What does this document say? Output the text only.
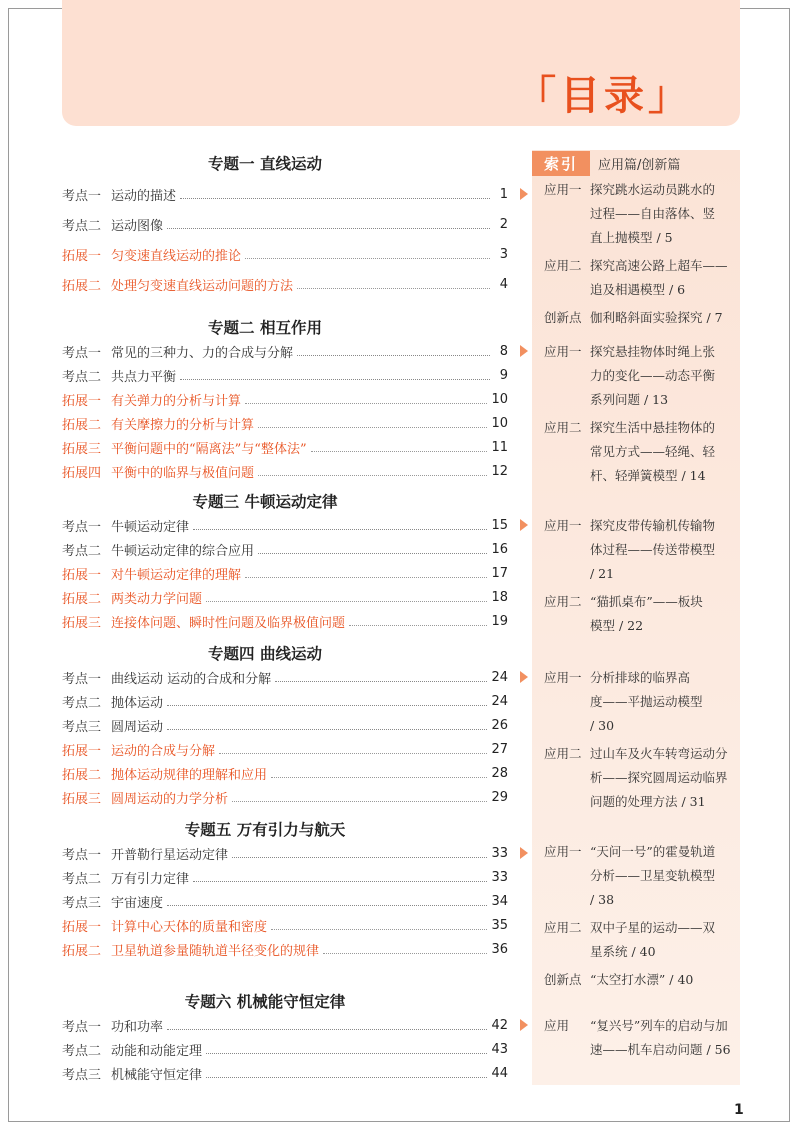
「目录」
索引	应用篇/创新篇
专题一 直线运动
考点一 运动的描述	1
考点二 运动图像	2
拓展一 匀变速直线运动的推论	3
拓展二 处理匀变速直线运动问题的方法	4
应用一 探究跳水运动员跳水的
过程——自由落体、竖
直上抛模型 / 5
应用二 探究高速公路上超车——
追及相遇模型 / 6
创新点 伽利略斜面实验探究 / 7
专题二 相互作用
考点一 常见的三种力、力的合成与分解	8
考点二 共点力平衡	9
拓展一 有关弹力的分析与计算	10
拓展二 有关摩擦力的分析与计算	10
拓展三 平衡问题中的“隔离法”与“整体法”	11
拓展四 平衡中的临界与极值问题	12
应用一 探究悬挂物体时绳上张
力的变化——动态平衡
系列问题 / 13
应用二 探究生活中悬挂物体的
常见方式——轻绳、轻
杆、轻弹簧模型 / 14
专题三 牛顿运动定律
考点一 牛顿运动定律	15
考点二 牛顿运动定律的综合应用	16
拓展一 对牛顿运动定律的理解	17
拓展二 两类动力学问题	18
拓展三 连接体问题、瞬时性问题及临界极值问题	19
应用一 探究皮带传输机传输物
体过程——传送带模型
/ 21
应用二 “猫抓桌布”——板块
模型 / 22
专题四 曲线运动
考点一 曲线运动 运动的合成和分解	24
考点二 抛体运动	24
考点三 圆周运动	26
拓展一 运动的合成与分解	27
拓展二 抛体运动规律的理解和应用	28
拓展三 圆周运动的力学分析	29
应用一 分析排球的临界高
度——平抛运动模型
/ 30
应用二 过山车及火车转弯运动分
析——探究圆周运动临界
问题的处理方法 / 31
专题五 万有引力与航天
考点一 开普勒行星运动定律	33
考点二 万有引力定律	33
考点三 宇宙速度	34
拓展一 计算中心天体的质量和密度	35
拓展二 卫星轨道参量随轨道半径变化的规律	36
应用一 “天问一号”的霍曼轨道
分析——卫星变轨模型
/ 38
应用二 双中子星的运动——双
星系统 / 40
创新点 “太空打水漂” / 40
专题六 机械能守恒定律
考点一 功和功率	42
考点二 动能和动能定理	43
考点三 机械能守恒定律	44
应用 “复兴号”列车的启动与加
速——机车启动问题 / 56
1
